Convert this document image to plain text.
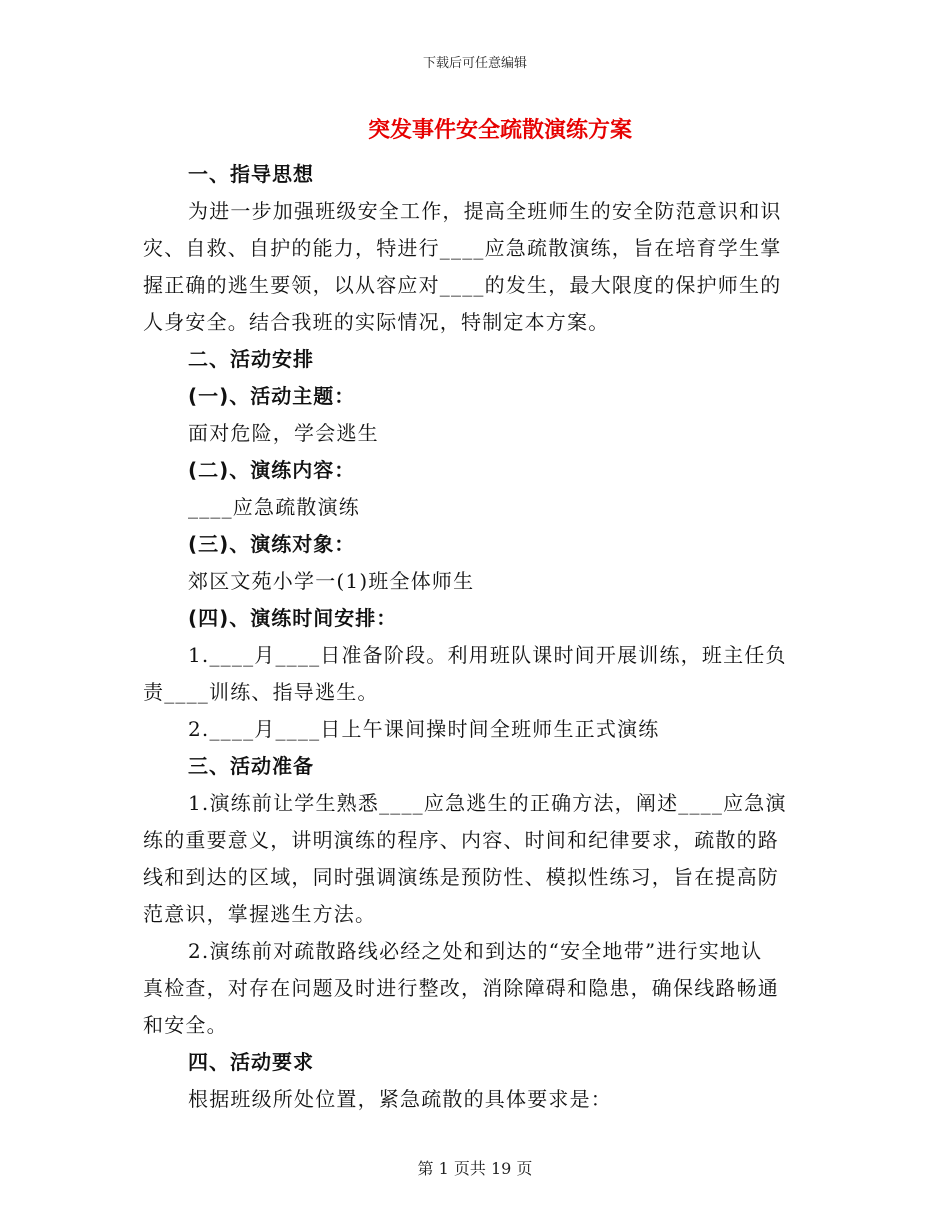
下载后可任意编辑
突发事件安全疏散演练方案
一、指导思想
为进一步加强班级安全工作，提高全班师生的安全防范意识和识
灾、自救、自护的能力，特进行____应急疏散演练，旨在培育学生掌
握正确的逃生要领，以从容应对____的发生，最大限度的保护师生的
人身安全。结合我班的实际情况，特制定本方案。
二、活动安排
(一)、活动主题：
面对危险，学会逃生
(二)、演练内容：
____应急疏散演练
(三)、演练对象：
郊区文苑小学一(1)班全体师生
(四)、演练时间安排：
1.____月____日准备阶段。利用班队课时间开展训练，班主任负
责____训练、指导逃生。
2.____月____日上午课间操时间全班师生正式演练
三、活动准备
1.演练前让学生熟悉____应急逃生的正确方法，阐述____应急演
练的重要意义，讲明演练的程序、内容、时间和纪律要求，疏散的路
线和到达的区域，同时强调演练是预防性、模拟性练习，旨在提高防
范意识，掌握逃生方法。
2.演练前对疏散路线必经之处和到达的“安全地带”进行实地认
真检查，对存在问题及时进行整改，消除障碍和隐患，确保线路畅通
和安全。
四、活动要求
根据班级所处位置，紧急疏散的具体要求是：
第 1 页共 19 页
